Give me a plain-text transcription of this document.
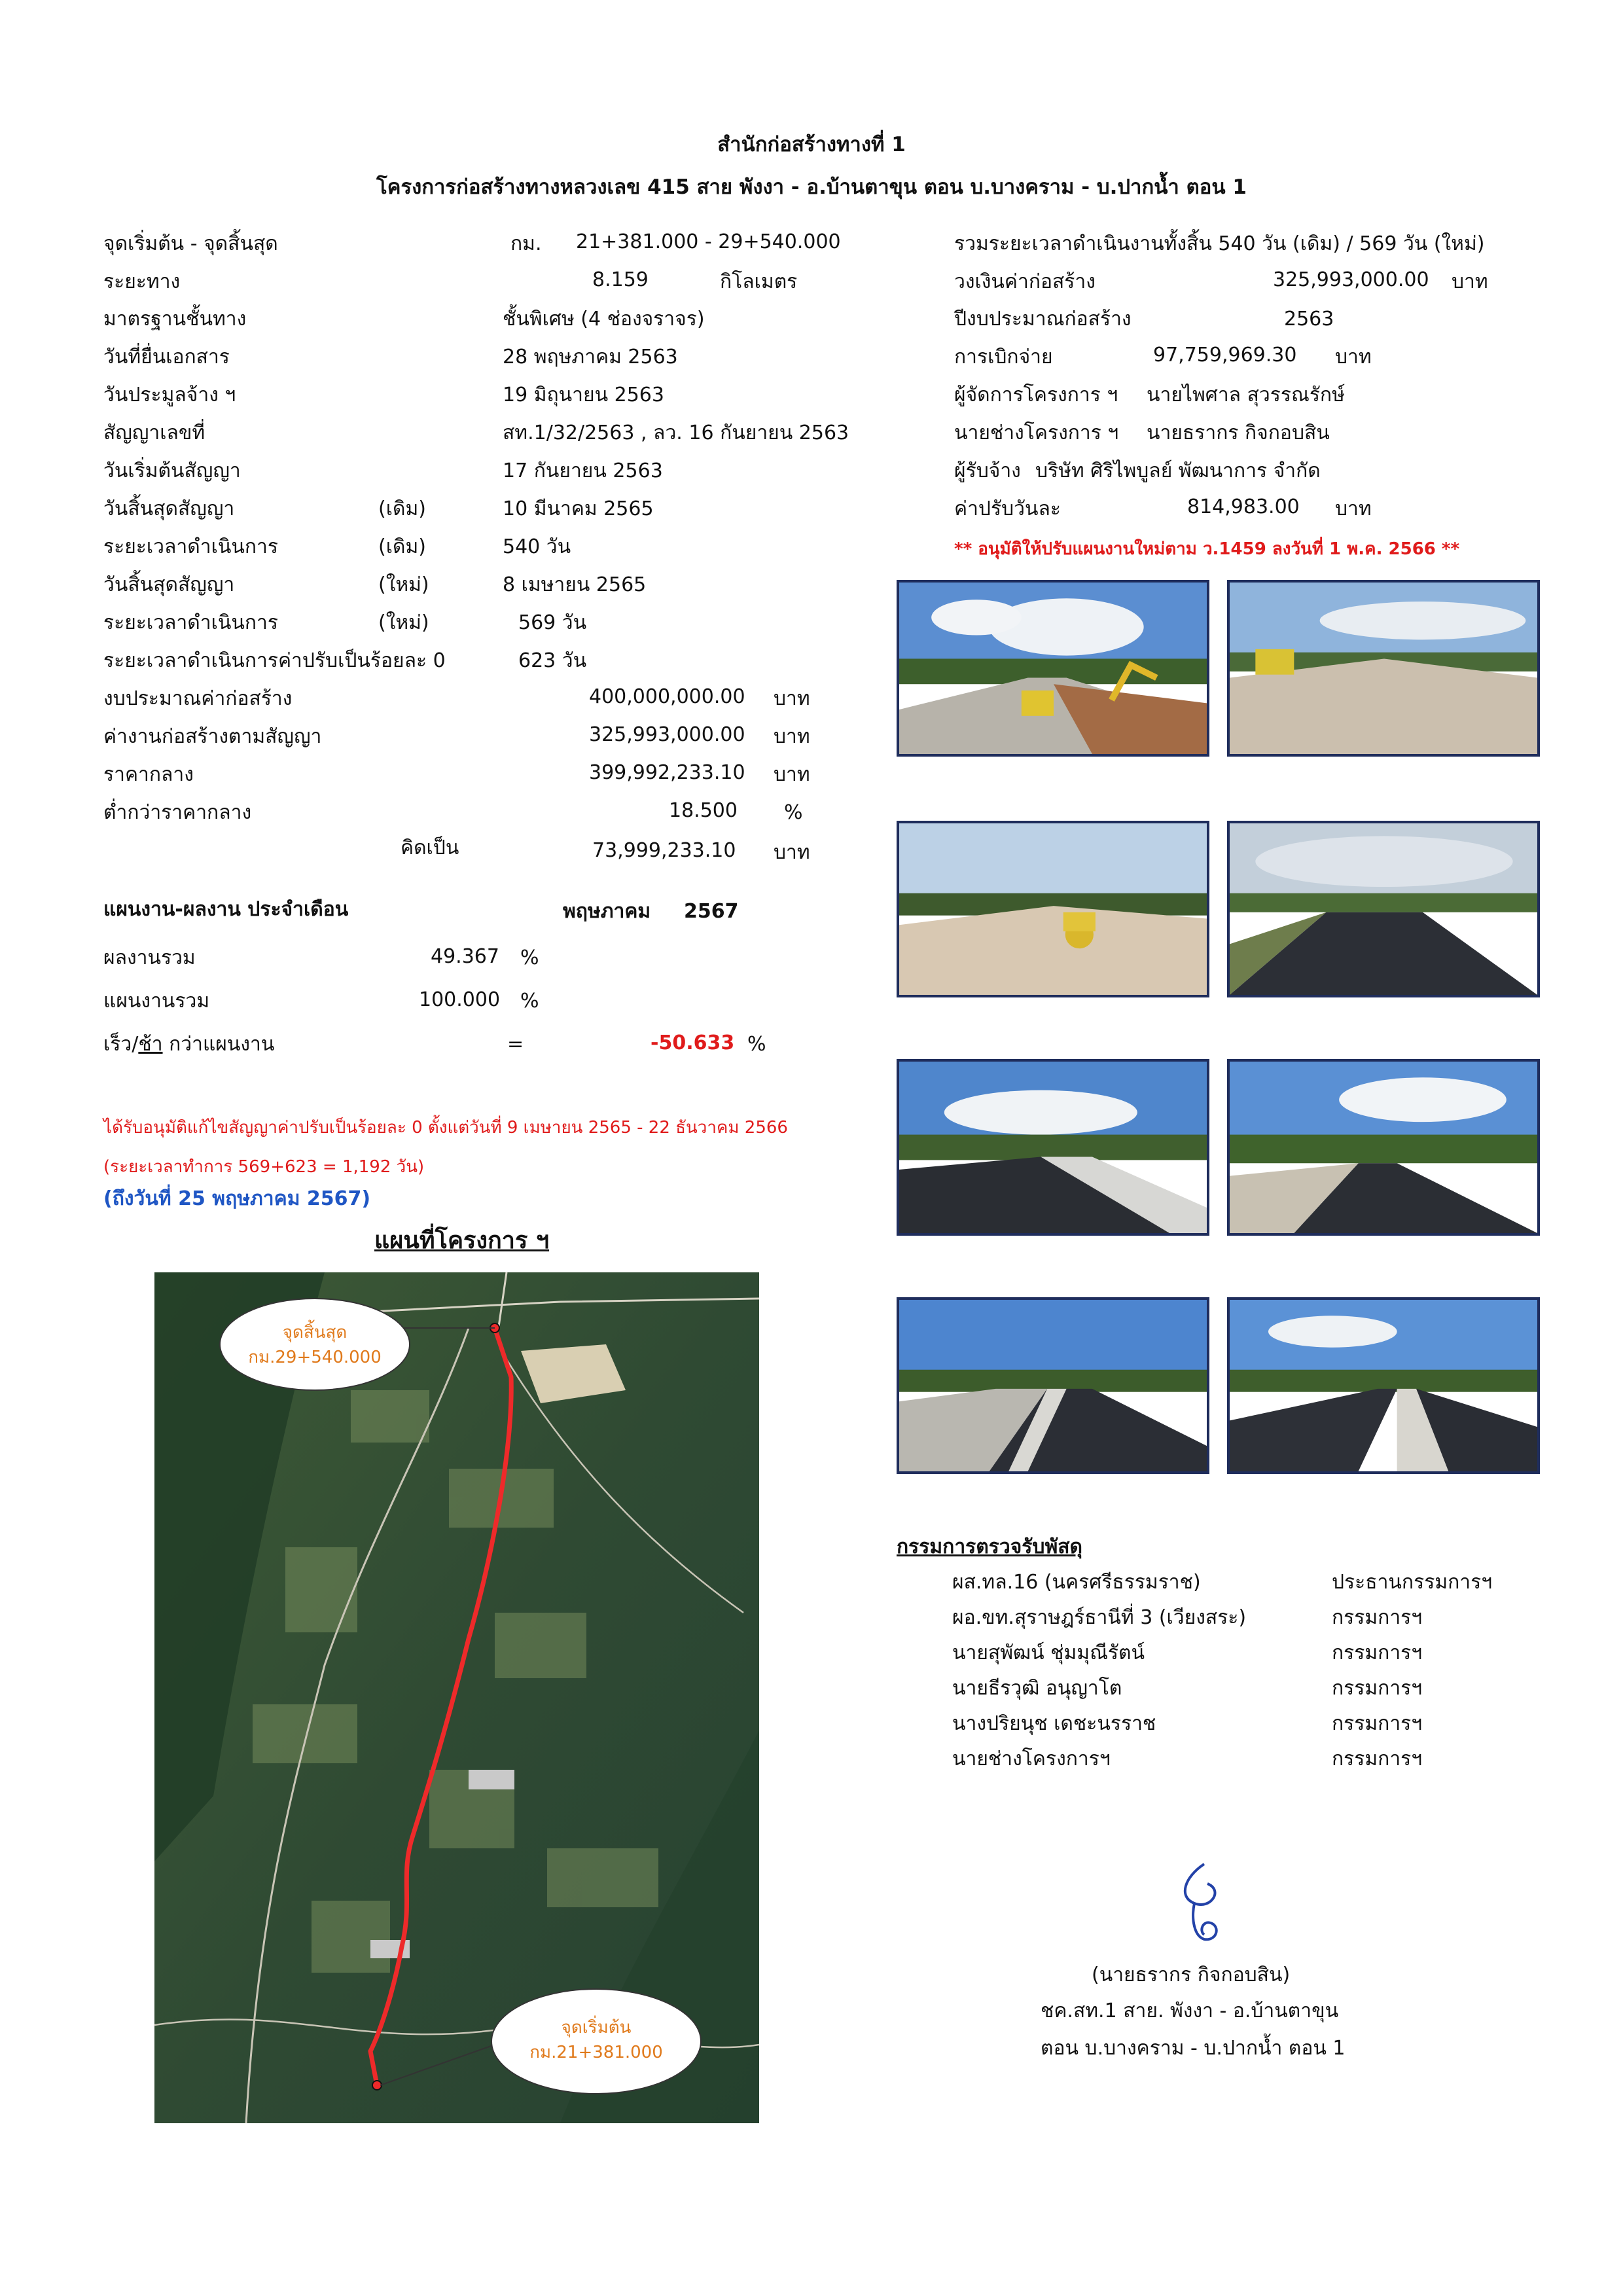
สำนักก่อสร้างทางที่ 1
โครงการก่อสร้างทางหลวงเลข 415 สาย พังงา - อ.บ้านตาขุน ตอน บ.บางคราม - บ.ปากน้ำ ตอน 1
จุดเริ่มต้น - จุดสิ้นสุด	กม. 21+381.000 - 29+540.000
ระยะทาง	8.159	กิโลเมตร
มาตรฐานชั้นทาง	ชั้นพิเศษ (4 ช่องจราจร)
วันที่ยื่นเอกสาร	28 พฤษภาคม 2563
วันประมูลจ้าง ฯ	19 มิถุนายน 2563
สัญญาเลขที่	สท.1/32/2563 , ลว. 16 กันยายน 2563
วันเริ่มต้นสัญญา	17 กันยายน 2563
วันสิ้นสุดสัญญา	(เดิม)	10 มีนาคม 2565
ระยะเวลาดำเนินการ	(เดิม)	540 วัน
วันสิ้นสุดสัญญา	(ใหม่)	8 เมษายน 2565
ระยะเวลาดำเนินการ	(ใหม่)	569 วัน
ระยะเวลาดำเนินการค่าปรับเป็นร้อยละ 0	623 วัน
งบประมาณค่าก่อสร้าง	400,000,000.00 บาท
ค่างานก่อสร้างตามสัญญา	325,993,000.00 บาท
ราคากลาง	399,992,233.10 บาท
ต่ำกว่าราคากลาง	18.500 %
คิดเป็น	73,999,233.10 บาท
แผนงาน-ผลงาน ประจำเดือน	พฤษภาคม 2567
ผลงานรวม	49.367 %
แผนงานรวม	100.000 %
เร็ว/ช้า กว่าแผนงาน	=	-50.633 %
ได้รับอนุมัติแก้ไขสัญญาค่าปรับเป็นร้อยละ 0 ตั้งแต่วันที่ 9 เมษายน 2565 - 22 ธันวาคม 2566
(ระยะเวลาทำการ 569+623 = 1,192 วัน)
(ถึงวันที่ 25 พฤษภาคม 2567)
แผนที่โครงการ ฯ
จุดสิ้นสุด
กม.29+540.000
จุดเริ่มต้น
กม.21+381.000
รวมระยะเวลาดำเนินงานทั้งสิ้น 540 วัน (เดิม) / 569 วัน (ใหม่)
วงเงินค่าก่อสร้าง	325,993,000.00 บาท
ปีงบประมาณก่อสร้าง	2563
การเบิกจ่าย	97,759,969.30 บาท
ผู้จัดการโครงการ ฯ นายไพศาล สุวรรณรักษ์
นายช่างโครงการ ฯ นายธรากร กิจกอบสิน
ผู้รับจ้าง บริษัท ศิริไพบูลย์ พัฒนาการ จำกัด
ค่าปรับวันละ	814,983.00 บาท
** อนุมัติให้ปรับแผนงานใหม่ตาม ว.1459 ลงวันที่ 1 พ.ค. 2566 **
กรรมการตรวจรับพัสดุ
ผส.ทล.16 (นครศรีธรรมราช)	ประธานกรรมการฯ
ผอ.ขท.สุราษฎร์ธานีที่ 3 (เวียงสระ)	กรรมการฯ
นายสุพัฒน์ ชุ่มมุณีรัตน์	กรรมการฯ
นายธีรวุฒิ อนุญาโต	กรรมการฯ
นางปริยนุช เดชะนรราช	กรรมการฯ
นายช่างโครงการฯ	กรรมการฯ
(นายธรากร กิจกอบสิน)
ชค.สท.1 สาย. พังงา - อ.บ้านตาขุน
ตอน บ.บางคราม - บ.ปากน้ำ ตอน 1
